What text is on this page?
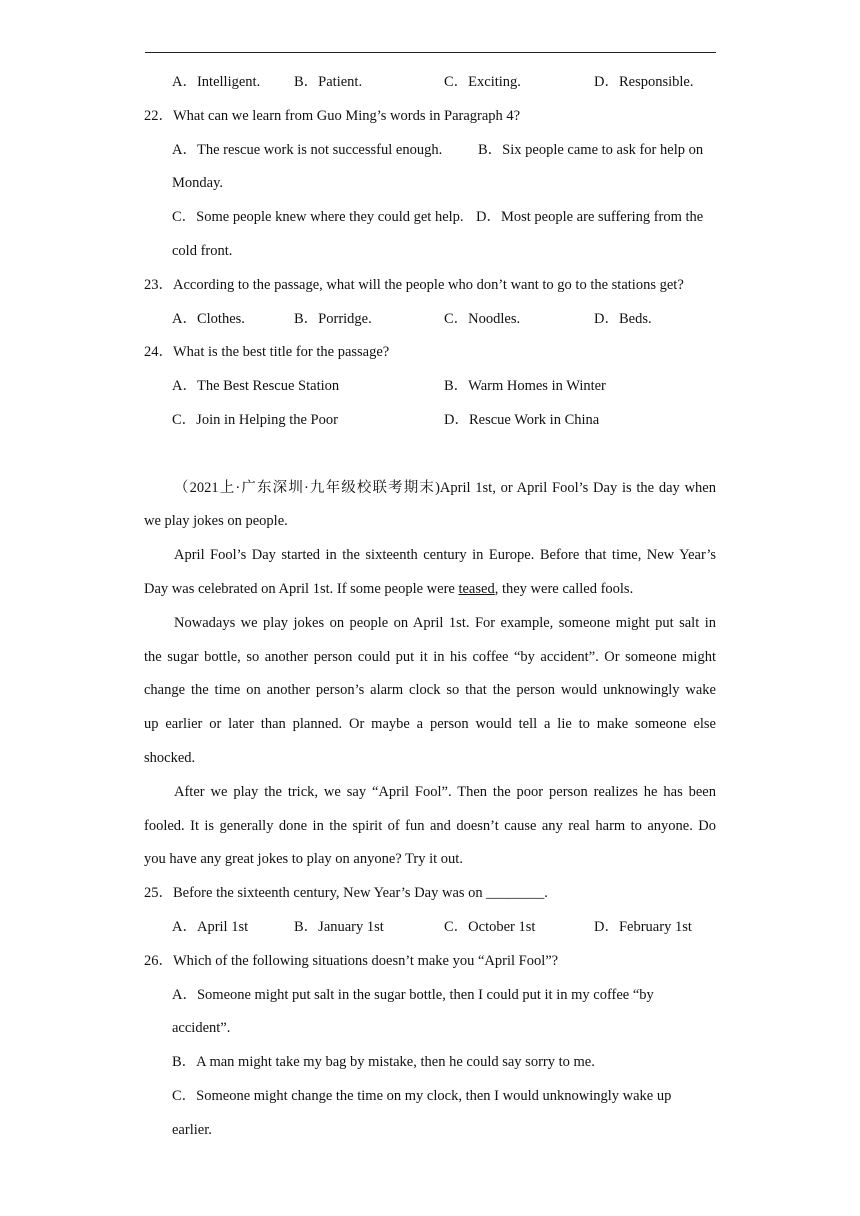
A．Intelligent. B．Patient.	C．Exciting.	D．Responsible.
22．What can we learn from Guo Ming’s words in Paragraph 4?
A．The rescue work is not successful enough. B．Six people came to ask for help on
Monday.
C．Some people knew where they could get help. D．Most people are suffering from the
cold front.
23．According to the passage, what will the people who don’t want to go to the stations get?
A．Clothes.	B．Porridge.	C．Noodles.	D．Beds.
24．What is the best title for the passage?
A．The Best Rescue Station	B．Warm Homes in Winter
C．Join in Helping the Poor	D．Rescue Work in China
（2021上·广东深圳·九年级校联考期末)April 1st, or April Fool’s Day is the day when
we play jokes on people.
April Fool’s Day started in the sixteenth century in Europe. Before that time, New Year’s
Day was celebrated on April 1st. If some people were teased, they were called fools.
Nowadays we play jokes on people on April 1st. For example, someone might put salt in
the sugar bottle, so another person could put it in his coffee “by accident”. Or someone might
change the time on another person’s alarm clock so that the person would unknowingly wake
up earlier or later than planned. Or maybe a person would tell a lie to make someone else
shocked.
After we play the trick, we say “April Fool”. Then the poor person realizes he has been
fooled. It is generally done in the spirit of fun and doesn’t cause any real harm to anyone. Do
you have any great jokes to play on anyone? Try it out.
25．Before the sixteenth century, New Year’s Day was on ________.
A．April 1st	B．January 1st	C．October 1st	D．February 1st
26．Which of the following situations doesn’t make you “April Fool”?
A．Someone might put salt in the sugar bottle, then I could put it in my coffee “by
accident”.
B．A man might take my bag by mistake, then he could say sorry to me.
C．Someone might change the time on my clock, then I would unknowingly wake up
earlier.
